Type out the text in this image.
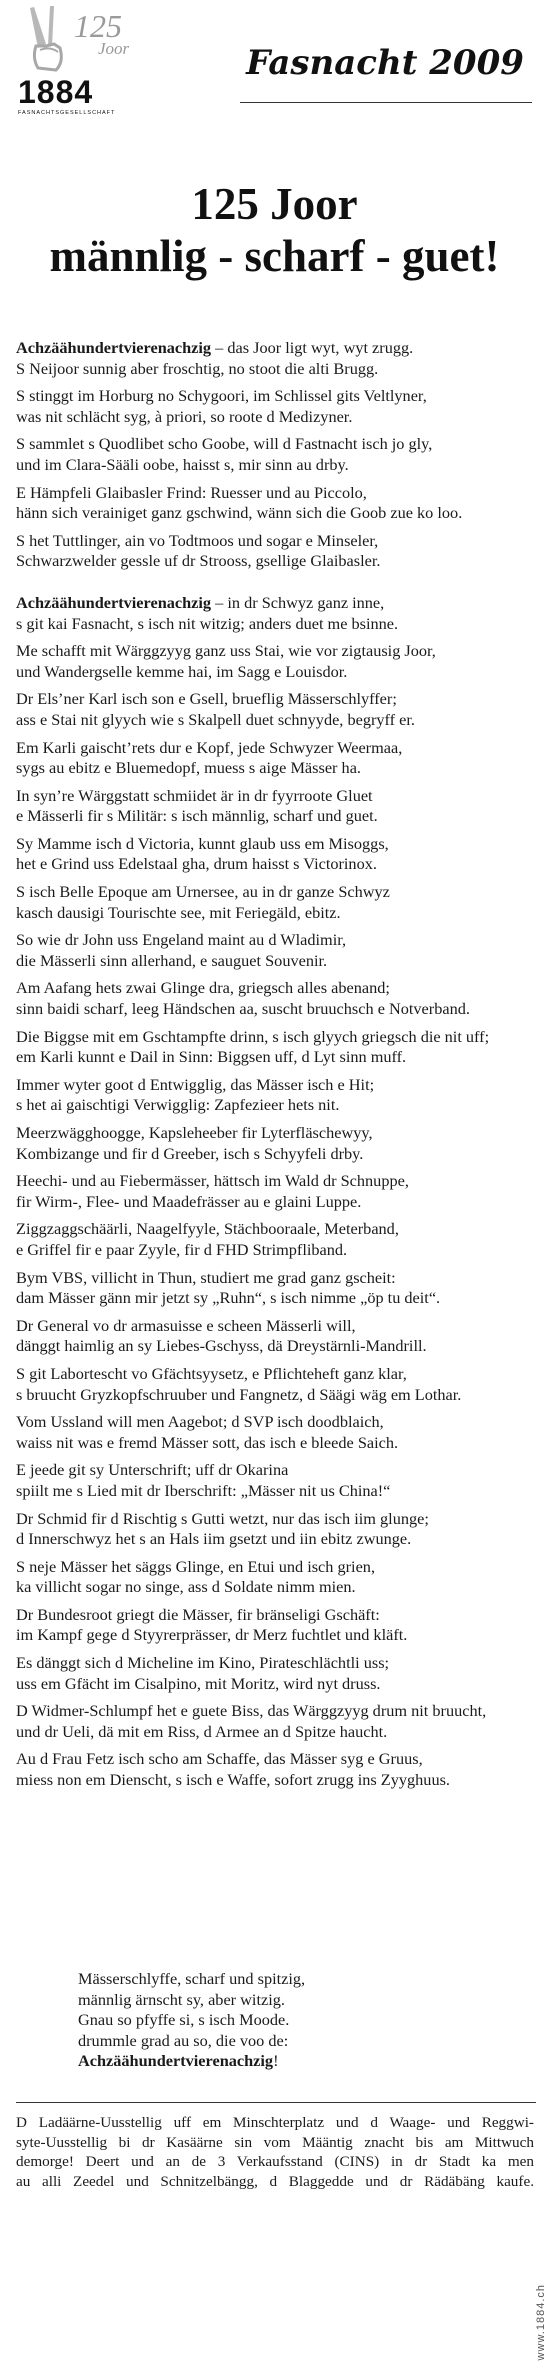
125
Joor
1884
FASNACHTSGESELLSCHAFT
Fasnacht 2009
125 Joor
männlig - scharf - guet!
Achzäähundertvierenachzig – das Joor ligt wyt, wyt zrugg.
S Neijoor sunnig aber froschtig, no stoot die alti Brugg.
S stinggt im Horburg no Schygoori, im Schlissel gits Veltlyner,
was nit schlächt syg, à priori, so roote d Medizyner.
S sammlet s Quodlibet scho Goobe, will d Fastnacht isch jo gly,
und im Clara-Sääli oobe, haisst s, mir sinn au drby.
E Hämpfeli Glaibasler Frind: Ruesser und au Piccolo,
hänn sich verainiget ganz gschwind, wänn sich die Goob zue ko loo.
S het Tuttlinger, ain vo Todtmoos und sogar e Minseler,
Schwarzwelder gessle uf dr Strooss, gsellige Glaibasler.
Achzäähundertvierenachzig – in dr Schwyz ganz inne,
s git kai Fasnacht, s isch nit witzig; anders duet me bsinne.
Me schafft mit Wärggzyyg ganz uss Stai, wie vor zigtausig Joor,
und Wandergselle kemme hai, im Sagg e Louisdor.
Dr Els’ner Karl isch son e Gsell, brueflig Mässerschlyffer;
ass e Stai nit glyych wie s Skalpell duet schnyyde, begryff er.
Em Karli gaischt’rets dur e Kopf, jede Schwyzer Weermaa,
sygs au ebitz e Bluemedopf, muess s aige Mässer ha.
In syn’re Wärggstatt schmiidet är in dr fyyrroote Gluet
e Mässerli fir s Militär: s isch männlig, scharf und guet.
Sy Mamme isch d Victoria, kunnt glaub uss em Misoggs,
het e Grind uss Edelstaal gha, drum haisst s Victorinox.
S isch Belle Epoque am Urnersee, au in dr ganze Schwyz
kasch dausigi Tourischte see, mit Feriegäld, ebitz.
So wie dr John uss Engeland maint au d Wladimir,
die Mässerli sinn allerhand, e sauguet Souvenir.
Am Aafang hets zwai Glinge dra, griegsch alles abenand;
sinn baidi scharf, leeg Händschen aa, suscht bruuchsch e Notverband.
Die Biggse mit em Gschtampfte drinn, s isch glyych griegsch die nit uff;
em Karli kunnt e Dail in Sinn: Biggsen uff, d Lyt sinn muff.
Immer wyter goot d Entwigglig, das Mässer isch e Hit;
s het ai gaischtigi Verwigglig: Zapfezieer hets nit.
Meerzwägghoogge, Kapsleheeber fir Lyterfläschewyy,
Kombizange und fir d Greeber, isch s Schyyfeli drby.
Heechi- und au Fiebermässer, hättsch im Wald dr Schnuppe,
fir Wirm-, Flee- und Maadefrässer au e glaini Luppe.
Ziggzaggschäärli, Naagelfyyle, Stächbooraale, Meterband,
e Griffel fir e paar Zyyle, fir d FHD Strimpfliband.
Bym VBS, villicht in Thun, studiert me grad ganz gscheit:
dam Mässer gänn mir jetzt sy „Ruhn“, s isch nimme „öp tu deit“.
Dr General vo dr armasuisse e scheen Mässerli will,
dänggt haimlig an sy Liebes-Gschyss, dä Dreystärnli-Mandrill.
S git Labortescht vo Gfächtsyysetz, e Pflichteheft ganz klar,
s bruucht Gryzkopfschruuber und Fangnetz, d Säägi wäg em Lothar.
Vom Ussland will men Aagebot; d SVP isch doodblaich,
waiss nit was e fremd Mässer sott, das isch e bleede Saich.
E jeede git sy Unterschrift; uff dr Okarina
spiilt me s Lied mit dr Iberschrift: „Mässer nit us China!“
Dr Schmid fir d Rischtig s Gutti wetzt, nur das isch iim glunge;
d Innerschwyz het s an Hals iim gsetzt und iin ebitz zwunge.
S neje Mässer het säggs Glinge, en Etui und isch grien,
ka villicht sogar no singe, ass d Soldate nimm mien.
Dr Bundesroot griegt die Mässer, fir bränseligi Gschäft:
im Kampf gege d Styyrerprässer, dr Merz fuchtlet und kläft.
Es dänggt sich d Micheline im Kino, Pirateschlächtli uss;
uss em Gfächt im Cisalpino, mit Moritz, wird nyt druss.
D Widmer-Schlumpf het e guete Biss, das Wärggzyyg drum nit bruucht,
und dr Ueli, dä mit em Riss, d Armee an d Spitze haucht.
Au d Frau Fetz isch scho am Schaffe, das Mässer syg e Gruus,
miess non em Dienscht, s isch e Waffe, sofort zrugg ins Zyyghuus.
Mässerschlyffe, scharf und spitzig,
männlig ärnscht sy, aber witzig.
Gnau so pfyffe si, s isch Moode.
drummle grad au so, die voo de:
Achzäähundertvierenachzig!
D Ladäärne-Uusstellig uff em Minschterplatz und d Waage- und Reggwi-
syte-Uusstellig bi dr Kasäärne sin vom Määntig znacht bis am Mittwuch
demorge! Deert und an de 3 Verkaufsstand (CINS) in dr Stadt ka men
au alli Zeedel und Schnitzelbängg, d Blaggedde und dr Rädäbäng kaufe.
www.1884.ch
